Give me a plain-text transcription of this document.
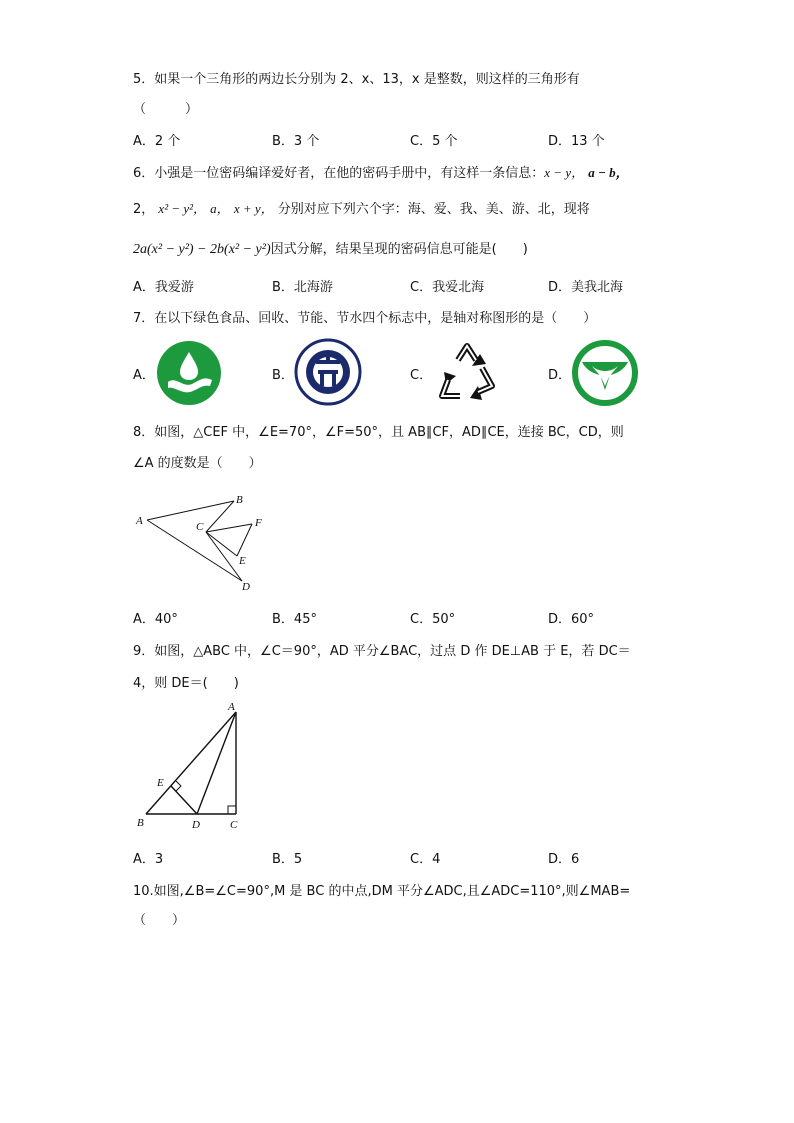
5．如果一个三角形的两边长分别为 2、x、13，x 是整数，则这样的三角形有
（　　　）
A．2 个	B．3 个	C．5 个	D．13 个
6．小强是一位密码编译爱好者，在他的密码手册中，有这样一条信息：x − y， a − b，
2， x² − y²， a， x + y， 分别对应下列六个字：海、爱、我、美、游、北，现将
2a(x² − y²) − 2b(x² − y²)因式分解，结果呈现的密码信息可能是(　　)
A．我爱游	B．北海游	C．我爱北海	D．美我北海
7．在以下绿色食品、回收、节能、节水四个标志中，是轴对称图形的是（　　）
A．	B．	C．	D．
8．如图，△CEF 中，∠E=70°，∠F=50°，且 AB∥CF，AD∥CE，连接 BC，CD，则
∠A 的度数是（　　）
A
B
C
D
E
F
A．40°	B．45°	C．50°	D．60°
9．如图，△ABC 中，∠C＝90°，AD 平分∠BAC，过点 D 作 DE⊥AB 于 E，若 DC＝
4，则 DE＝(　　)
A
B	C
D
E
A．3	B．5	C．4	D．6
10.如图,∠B=∠C=90°,M 是 BC 的中点,DM 平分∠ADC,且∠ADC=110°,则∠MAB=
（　　）
